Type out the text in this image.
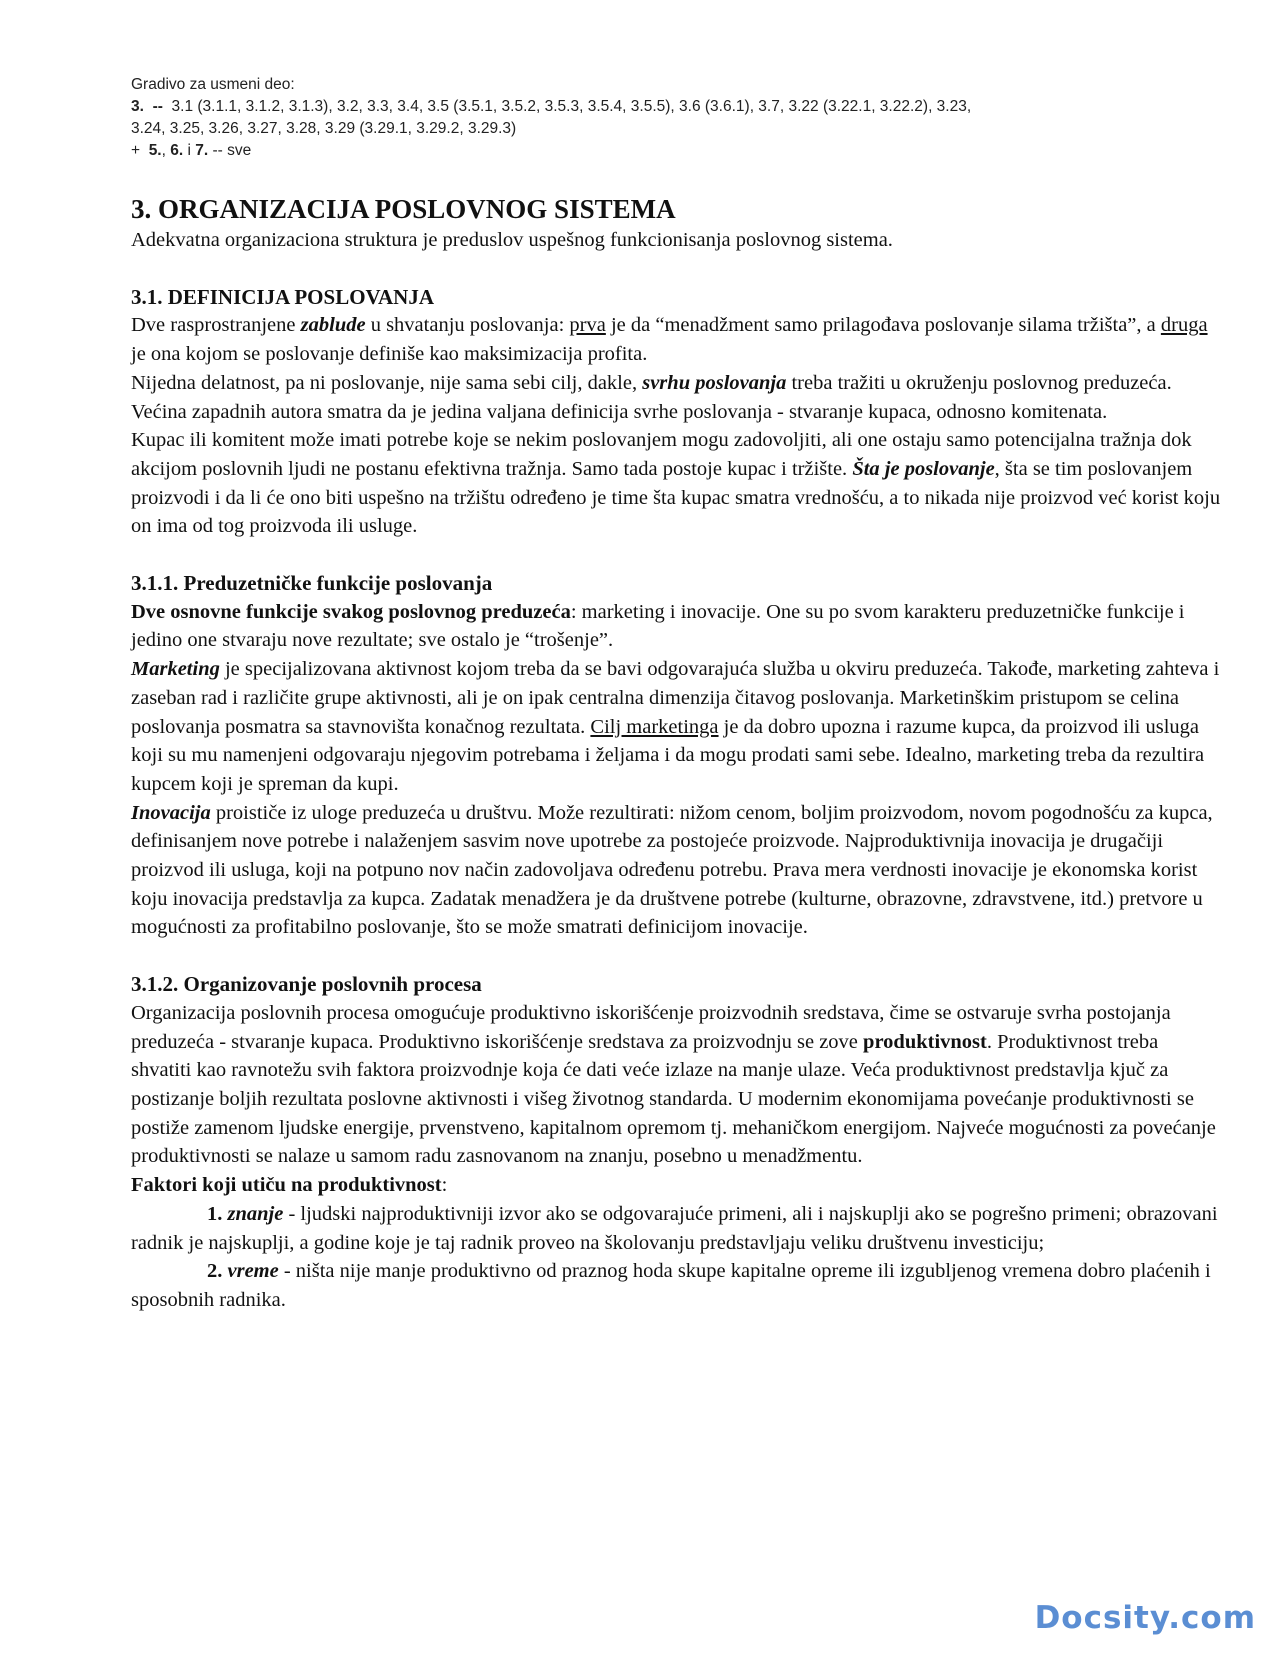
Gradivo za usmeni deo:
3. -- 3.1 (3.1.1, 3.1.2, 3.1.3), 3.2, 3.3, 3.4, 3.5 (3.5.1, 3.5.2, 3.5.3, 3.5.4, 3.5.5), 3.6 (3.6.1), 3.7, 3.22 (3.22.1, 3.22.2), 3.23,
3.24, 3.25, 3.26, 3.27, 3.28, 3.29 (3.29.1, 3.29.2, 3.29.3)
+ 5., 6. i 7. -- sve
3. ORGANIZACIJA POSLOVNOG SISTEMA

Adekvatna organizaciona struktura je preduslov uspešnog funkcionisanja poslovnog sistema.

3.1. DEFINICIJA POSLOVANJA

Dve rasprostranjene zablude u shvatanju poslovanja: prva je da “menadžment samo prilagođava poslovanje silama tržišta”, a druga je ona kojom se poslovanje definiše kao maksimizacija profita.

Nijedna delatnost, pa ni poslovanje, nije sama sebi cilj, dakle, svrhu poslovanja treba tražiti u okruženju poslovnog preduzeća. Većina zapadnih autora smatra da je jedina valjana definicija svrhe poslovanja - stvaranje kupaca, odnosno komitenata.

Kupac ili komitent može imati potrebe koje se nekim poslovanjem mogu zadovoljiti, ali one ostaju samo potencijalna tražnja dok akcijom poslovnih ljudi ne postanu efektivna tražnja. Samo tada postoje kupac i tržište. Šta je poslovanje, šta se tim poslovanjem proizvodi i da li će ono biti uspešno na tržištu određeno je time šta kupac smatra vrednošću, a to nikada nije proizvod već korist koju on ima od tog proizvoda ili usluge.

3.1.1. Preduzetničke funkcije poslovanja

Dve osnovne funkcije svakog poslovnog preduzeća: marketing i inovacije. One su po svom karakteru preduzetničke funkcije i jedino one stvaraju nove rezultate; sve ostalo je “trošenje”.

Marketing je specijalizovana aktivnost kojom treba da se bavi odgovarajuća služba u okviru preduzeća. Takođe, marketing zahteva i zaseban rad i različite grupe aktivnosti, ali je on ipak centralna dimenzija čitavog poslovanja. Marketinškim pristupom se celina poslovanja posmatra sa stavnovišta konačnog rezultata. Cilj marketinga je da dobro upozna i razume kupca, da proizvod ili usluga koji su mu namenjeni odgovaraju njegovim potrebama i željama i da mogu prodati sami sebe. Idealno, marketing treba da rezultira kupcem koji je spreman da kupi.

Inovacija proističe iz uloge preduzeća u društvu. Može rezultirati: nižom cenom, boljim proizvodom, novom pogodnošću za kupca, definisanjem nove potrebe i nalaženjem sasvim nove upotrebe za postojeće proizvode. Najproduktivnija inovacija je drugačiji proizvod ili usluga, koji na potpuno nov način zadovoljava određenu potrebu. Prava mera verdnosti inovacije je ekonomska korist koju inovacija predstavlja za kupca. Zadatak menadžera je da društvene potrebe (kulturne, obrazovne, zdravstvene, itd.) pretvore u mogućnosti za profitabilno poslovanje, što se može smatrati definicijom inovacije.

3.1.2. Organizovanje poslovnih procesa

Organizacija poslovnih procesa omogućuje produktivno iskorišćenje proizvodnih sredstava, čime se ostvaruje svrha postojanja preduzeća - stvaranje kupaca. Produktivno iskorišćenje sredstava za proizvodnju se zove produktivnost. Produktivnost treba shvatiti kao ravnotežu svih faktora proizvodnje koja će dati veće izlaze na manje ulaze. Veća produktivnost predstavlja kjuč za postizanje boljih rezultata poslovne aktivnosti i višeg životnog standarda. U modernim ekonomijama povećanje produktivnosti se postiže zamenom ljudske energije, prvenstveno, kapitalnom opremom tj. mehaničkom energijom. Najveće mogućnosti za povećanje produktivnosti se nalaze u samom radu zasnovanom na znanju, posebno u menadžmentu.

Faktori koji utiču na produktivnost:

1. znanje - ljudski najproduktivniji izvor ako se odgovarajuće primeni, ali i najskuplji ako se pogrešno primeni; obrazovani radnik je najskuplji, a godine koje je taj radnik proveo na školovanju predstavljaju veliku društvenu investiciju;

2. vreme - ništa nije manje produktivno od praznog hoda skupe kapitalne opreme ili izgubljenog vremena dobro plaćenih i sposobnih radnika.

Docsity.com
